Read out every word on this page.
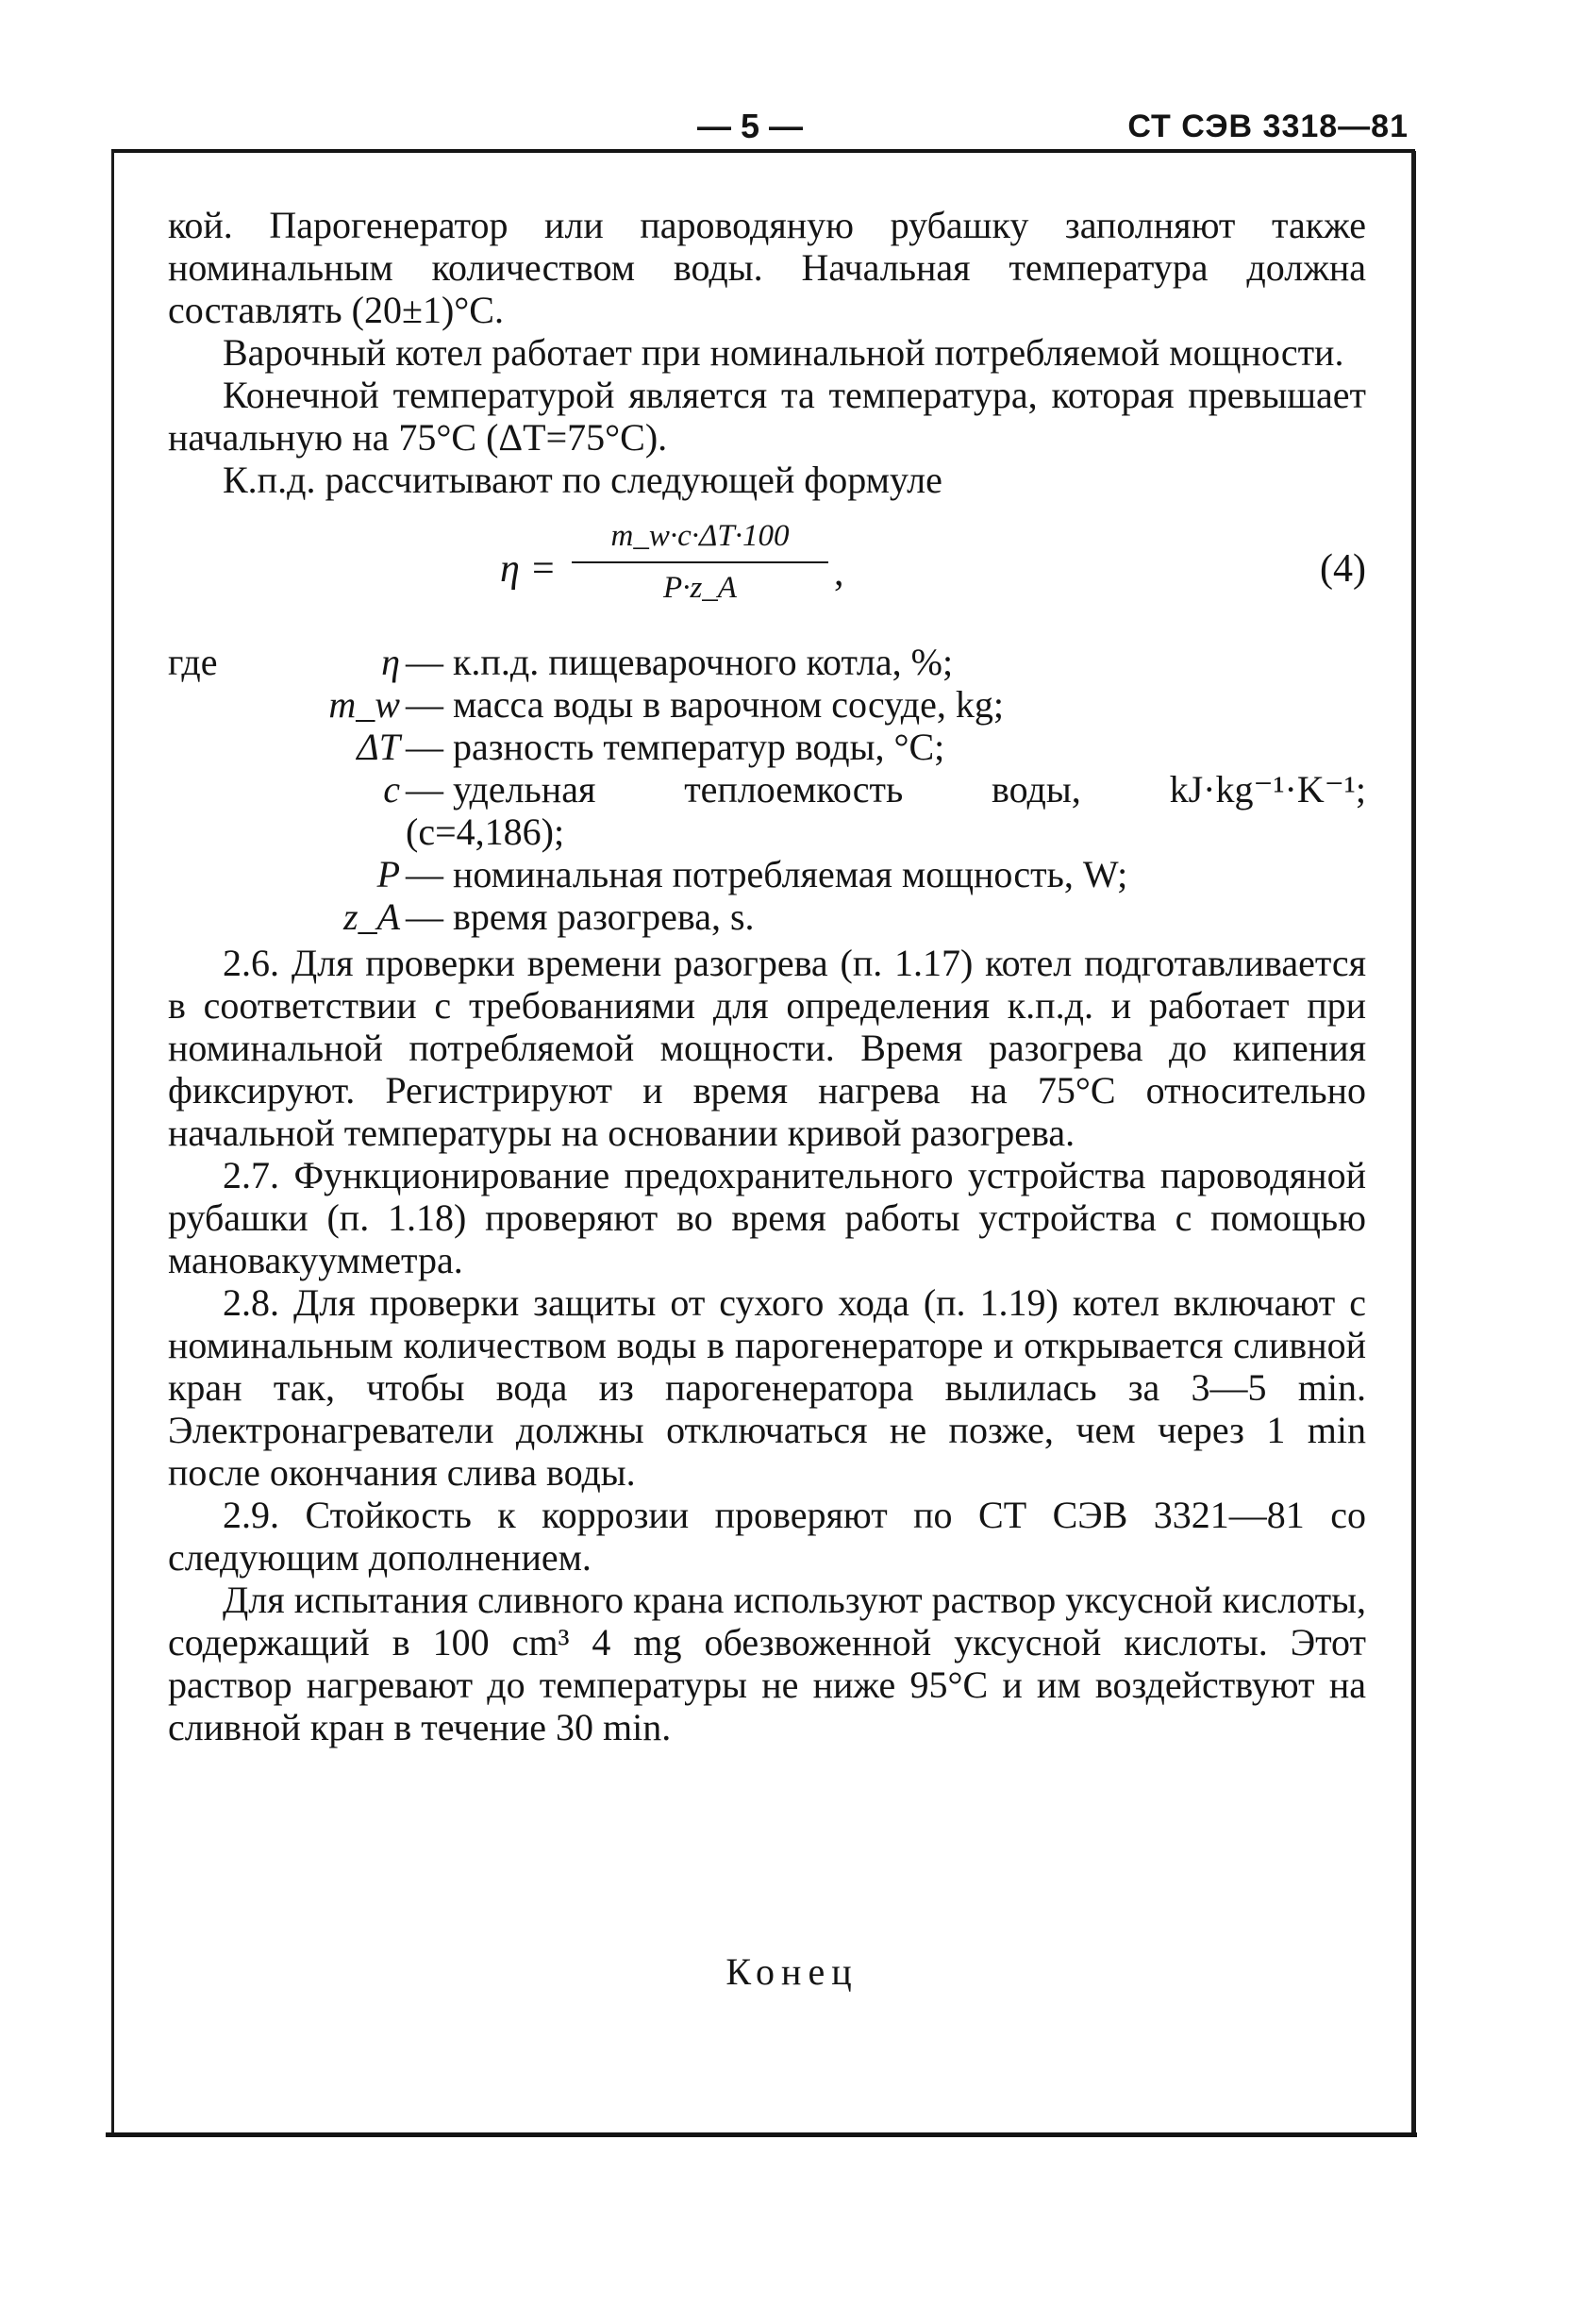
— 5 —	СТ СЭВ 3318—81

кой. Парогенератор или пароводяную рубашку заполняют также номинальным количеством воды. Начальная температура должна составлять (20±1)°С.

Варочный котел работает при номинальной потребляемой мощности.

Конечной температурой является та температура, которая превышает начальную на 75°С (ΔТ=75°С).

К.п.д. рассчитывают по следующей формуле

η =
m_w·c·ΔT·100
P·z_A	,	(4)
где	η — к.п.д. пищеварочного котла, %;
m_w — масса воды в варочном сосуде, kg;
ΔT — разность температур воды, °С;
c — удельная теплоемкость воды, kJ·kg⁻¹·K⁻¹;
(c=4,186);
P — номинальная потребляемая мощность, W;
z_A — время разогрева, s.

2.6. Для проверки времени разогрева (п. 1.17) котел подготавливается в соответствии с требованиями для определения к.п.д. и работает при номинальной потребляемой мощности. Время разогрева до кипения фиксируют. Регистрируют и время нагрева на 75°С относительно начальной температуры на основании кривой разогрева.

2.7. Функционирование предохранительного устройства пароводяной рубашки (п. 1.18) проверяют во время работы устройства с помощью мановакуумметра.

2.8. Для проверки защиты от сухого хода (п. 1.19) котел включают с номинальным количеством воды в парогенераторе и открывается сливной кран так, чтобы вода из парогенератора вылилась за 3—5 min. Электронагреватели должны отключаться не позже, чем через 1 min после окончания слива воды.

2.9. Стойкость к коррозии проверяют по СТ СЭВ 3321—81 со следующим дополнением.

Для испытания сливного крана используют раствор уксусной кислоты, содержащий в 100 cm³ 4 mg обезвоженной уксусной кислоты. Этот раствор нагревают до температуры не ниже 95°С и им воздействуют на сливной кран в течение 30 min.

Конец
